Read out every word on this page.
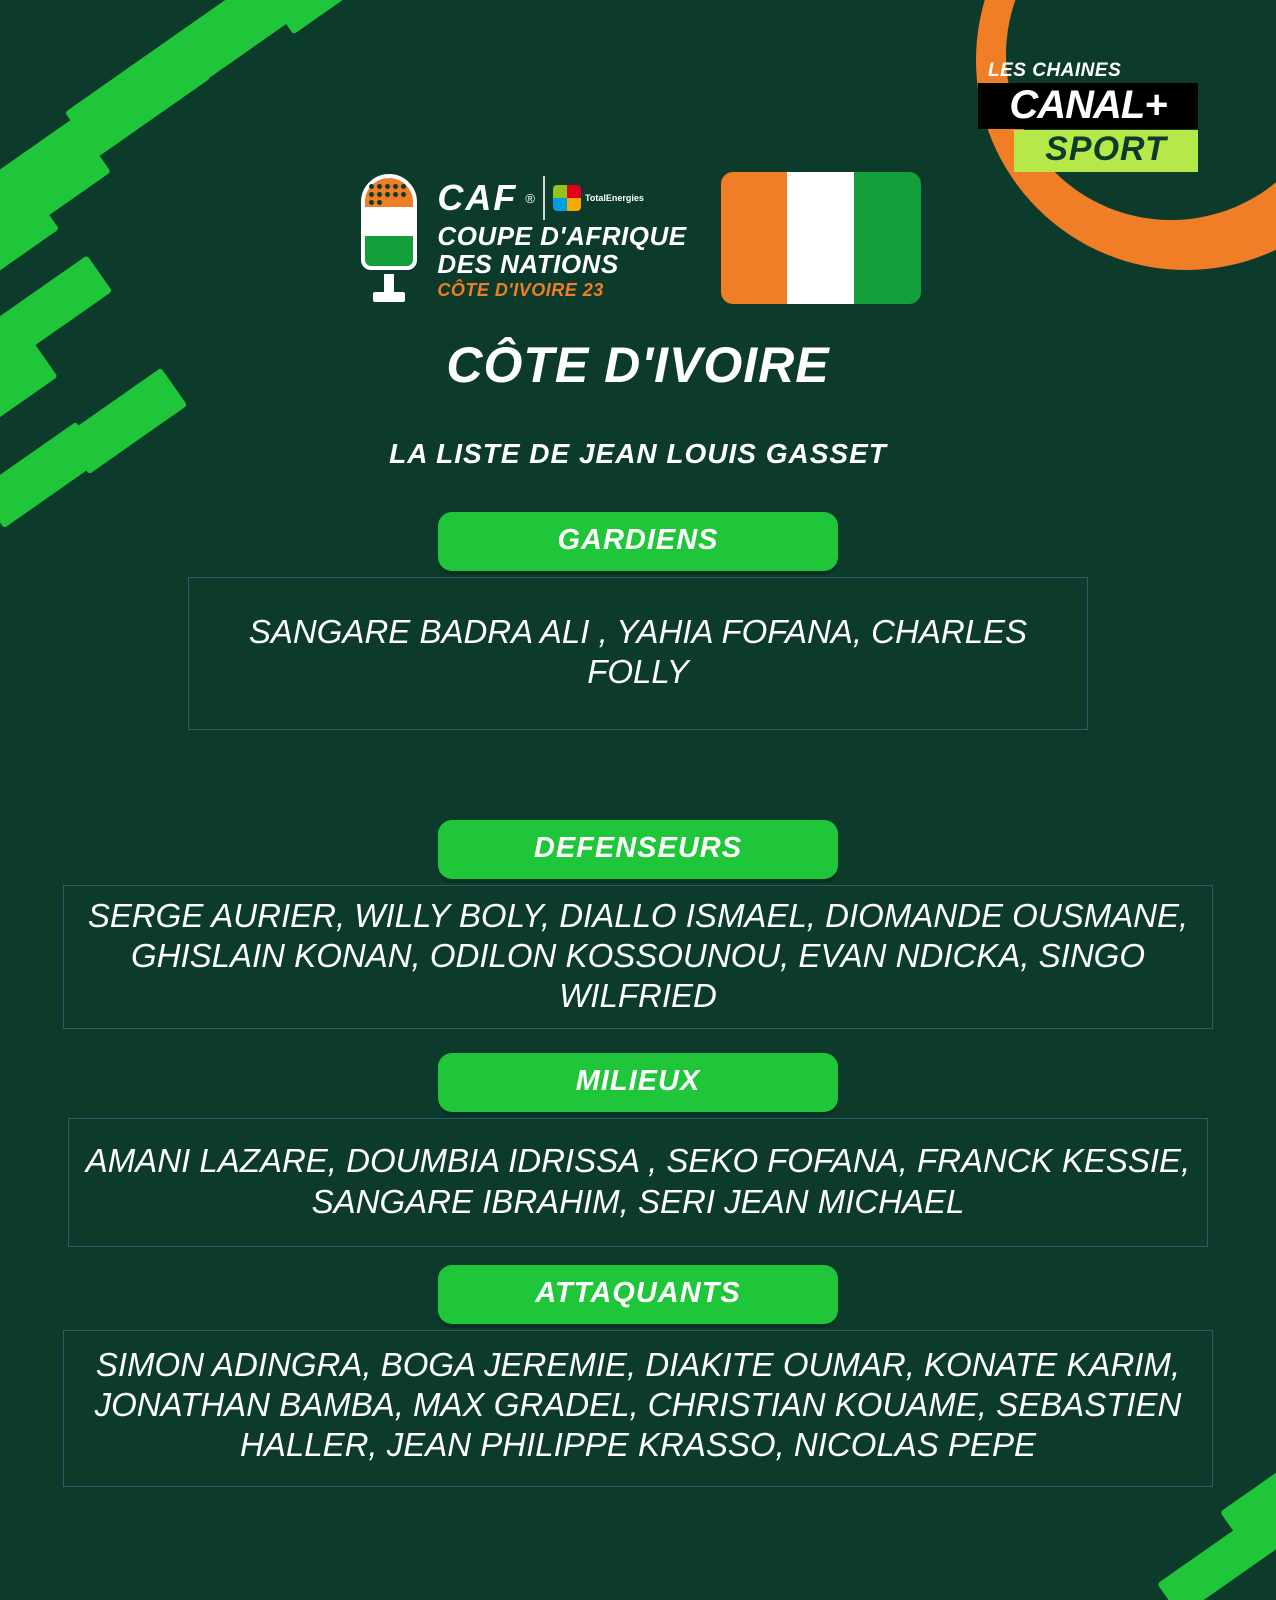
LES CHAINES
CANAL+
SPORT
CAF ®	TotalEnergies
COUPE D'AFRIQUE
DES NATIONS
CÔTE D'IVOIRE 23
CÔTE D'IVOIRE
LA LISTE DE JEAN LOUIS GASSET
GARDIENS
SANGARE BADRA ALI , YAHIA FOFANA, CHARLES FOLLY
DEFENSEURS
SERGE AURIER, WILLY BOLY, DIALLO ISMAEL, DIOMANDE OUSMANE, GHISLAIN KONAN, ODILON KOSSOUNOU, EVAN NDICKA, SINGO WILFRIED
MILIEUX
AMANI LAZARE, DOUMBIA IDRISSA , SEKO FOFANA, FRANCK KESSIE, SANGARE IBRAHIM, SERI JEAN MICHAEL
ATTAQUANTS
SIMON ADINGRA, BOGA JEREMIE, DIAKITE OUMAR, KONATE KARIM, JONATHAN BAMBA, MAX GRADEL, CHRISTIAN KOUAME, SEBASTIEN HALLER, JEAN PHILIPPE KRASSO, NICOLAS PEPE
